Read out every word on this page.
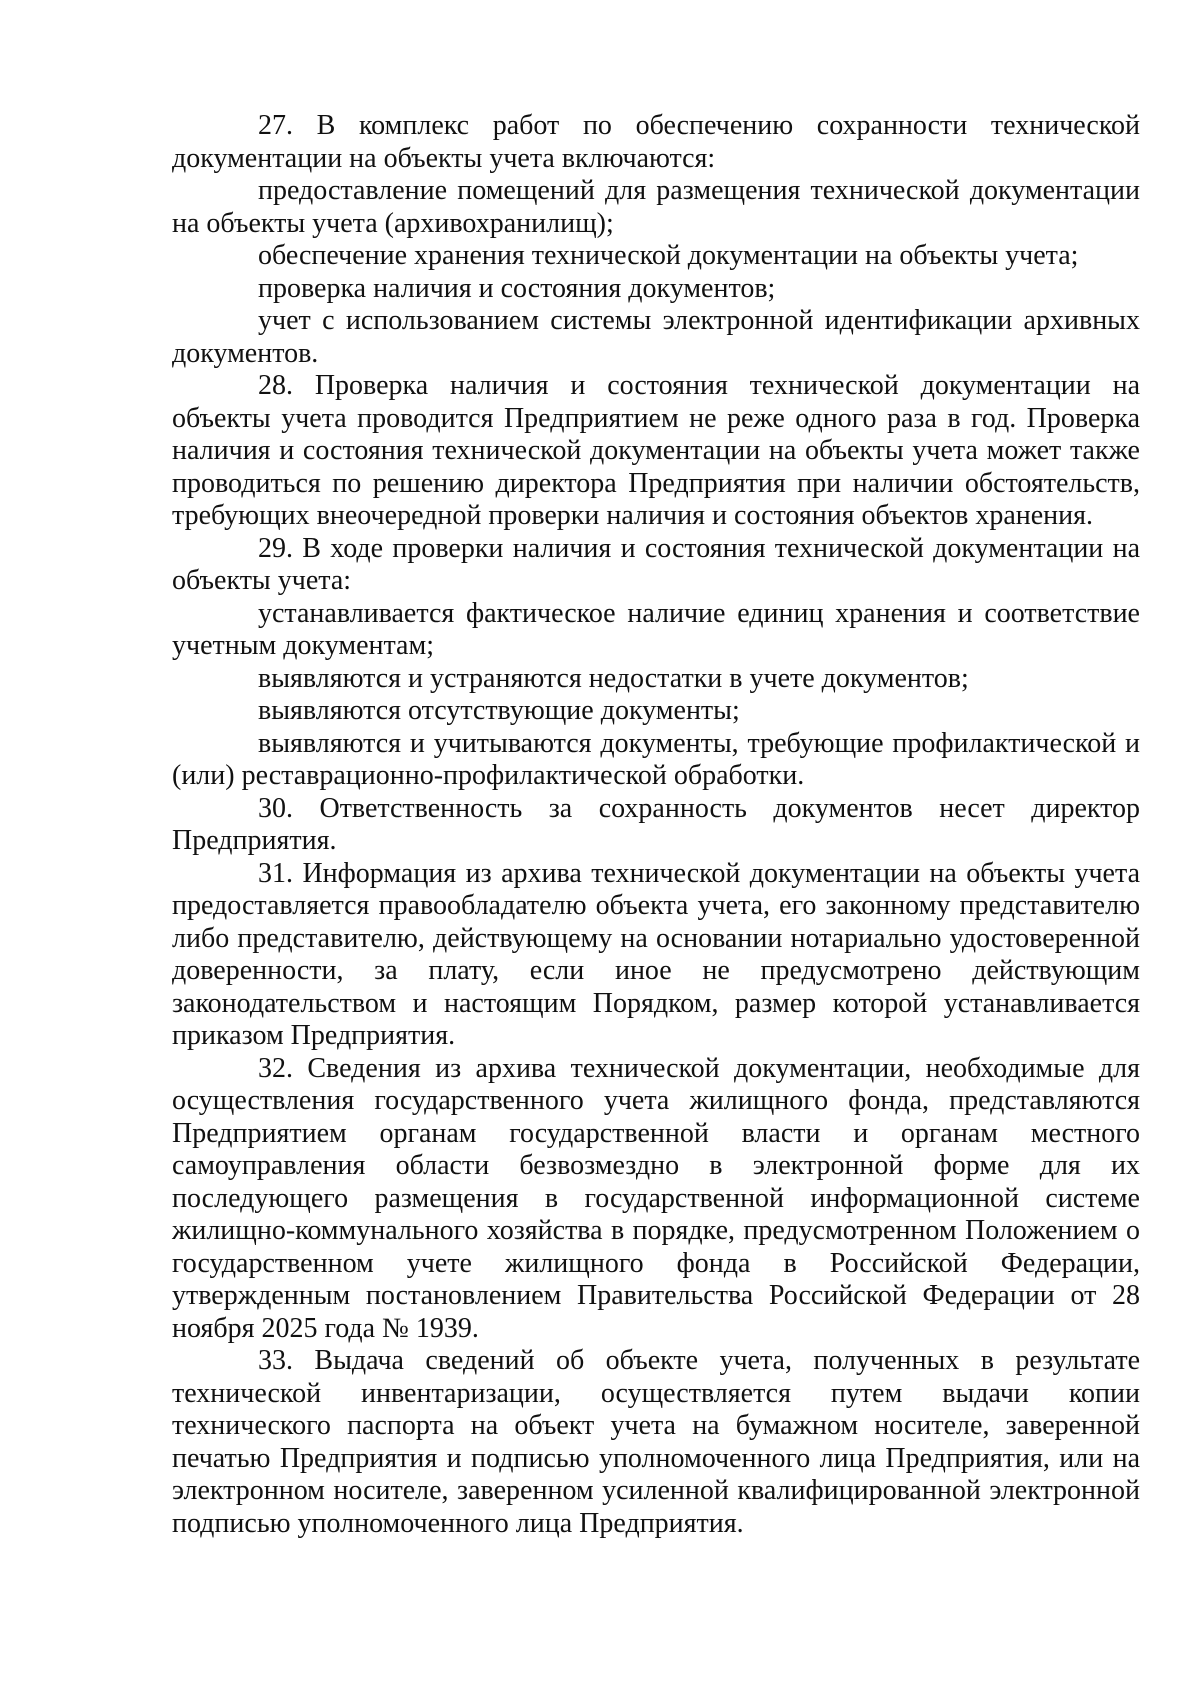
27. В комплекс работ по обеспечению сохранности технической документации на объекты учета включаются:

предоставление помещений для размещения технической документации на объекты учета (архивохранилищ);

обеспечение хранения технической документации на объекты учета;

проверка наличия и состояния документов;

учет с использованием системы электронной идентификации архивных документов.

28. Проверка наличия и состояния технической документации на объекты учета проводится Предприятием не реже одного раза в год. Проверка наличия и состояния технической документации на объекты учета может также проводиться по решению директора Предприятия при наличии обстоятельств, требующих внеочередной проверки наличия и состояния объектов хранения.

29. В ходе проверки наличия и состояния технической документации на объекты учета:

устанавливается фактическое наличие единиц хранения и соответствие учетным документам;

выявляются и устраняются недостатки в учете документов;

выявляются отсутствующие документы;

выявляются и учитываются документы, требующие профилактической и (или) реставрационно-профилактической обработки.

30. Ответственность за сохранность документов несет директор Предприятия.

31. Информация из архива технической документации на объекты учета предоставляется правообладателю объекта учета, его законному представителю либо представителю, действующему на основании нотариально удостоверенной доверенности, за плату, если иное не предусмотрено действующим законодательством и настоящим Порядком, размер которой устанавливается приказом Предприятия.

32. Сведения из архива технической документации, необходимые для осуществления государственного учета жилищного фонда, представляются Предприятием органам государственной власти и органам местного самоуправления области безвозмездно в электронной форме для их последующего размещения в государственной информационной системе жилищно-коммунального хозяйства в порядке, предусмотренном Положением о государственном учете жилищного фонда в Российской Федерации, утвержденным постановлением Правительства Российской Федерации от 28 ноября 2025 года № 1939.

33. Выдача сведений об объекте учета, полученных в результате технической инвентаризации, осуществляется путем выдачи копии технического паспорта на объект учета на бумажном носителе, заверенной печатью Предприятия и подписью уполномоченного лица Предприятия, или на электронном носителе, заверенном усиленной квалифицированной электронной подписью уполномоченного лица Предприятия.
